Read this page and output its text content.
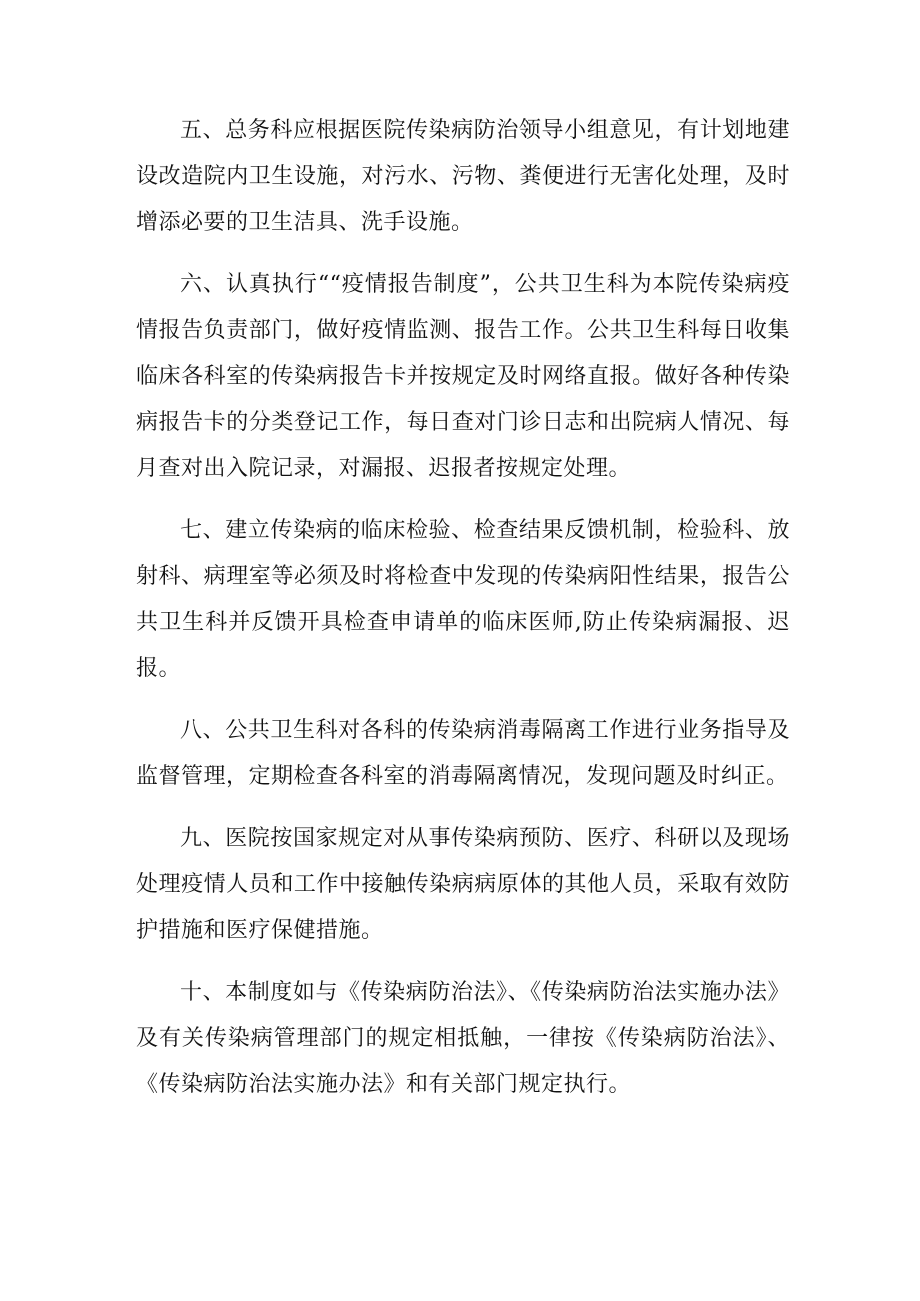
五、总务科应根据医院传染病防治领导小组意见，有计划地建设改造院内卫生设施，对污水、污物、粪便进行无害化处理，及时增添必要的卫生洁具、洗手设施。

六、认真执行““疫情报告制度”，公共卫生科为本院传染病疫情报告负责部门，做好疫情监测、报告工作。公共卫生科每日收集临床各科室的传染病报告卡并按规定及时网络直报。做好各种传染病报告卡的分类登记工作，每日查对门诊日志和出院病人情况、每月查对出入院记录，对漏报、迟报者按规定处理。

七、建立传染病的临床检验、检查结果反馈机制，检验科、放射科、病理室等必须及时将检查中发现的传染病阳性结果，报告公共卫生科并反馈开具检查申请单的临床医师,防止传染病漏报、迟报。

八、公共卫生科对各科的传染病消毒隔离工作进行业务指导及监督管理，定期检查各科室的消毒隔离情况，发现问题及时纠正。

九、医院按国家规定对从事传染病预防、医疗、科研以及现场处理疫情人员和工作中接触传染病病原体的其他人员，采取有效防护措施和医疗保健措施。

十、本制度如与《传染病防治法》、《传染病防治法实施办法》及有关传染病管理部门的规定相抵触，一律按《传染病防治法》、《传染病防治法实施办法》和有关部门规定执行。
